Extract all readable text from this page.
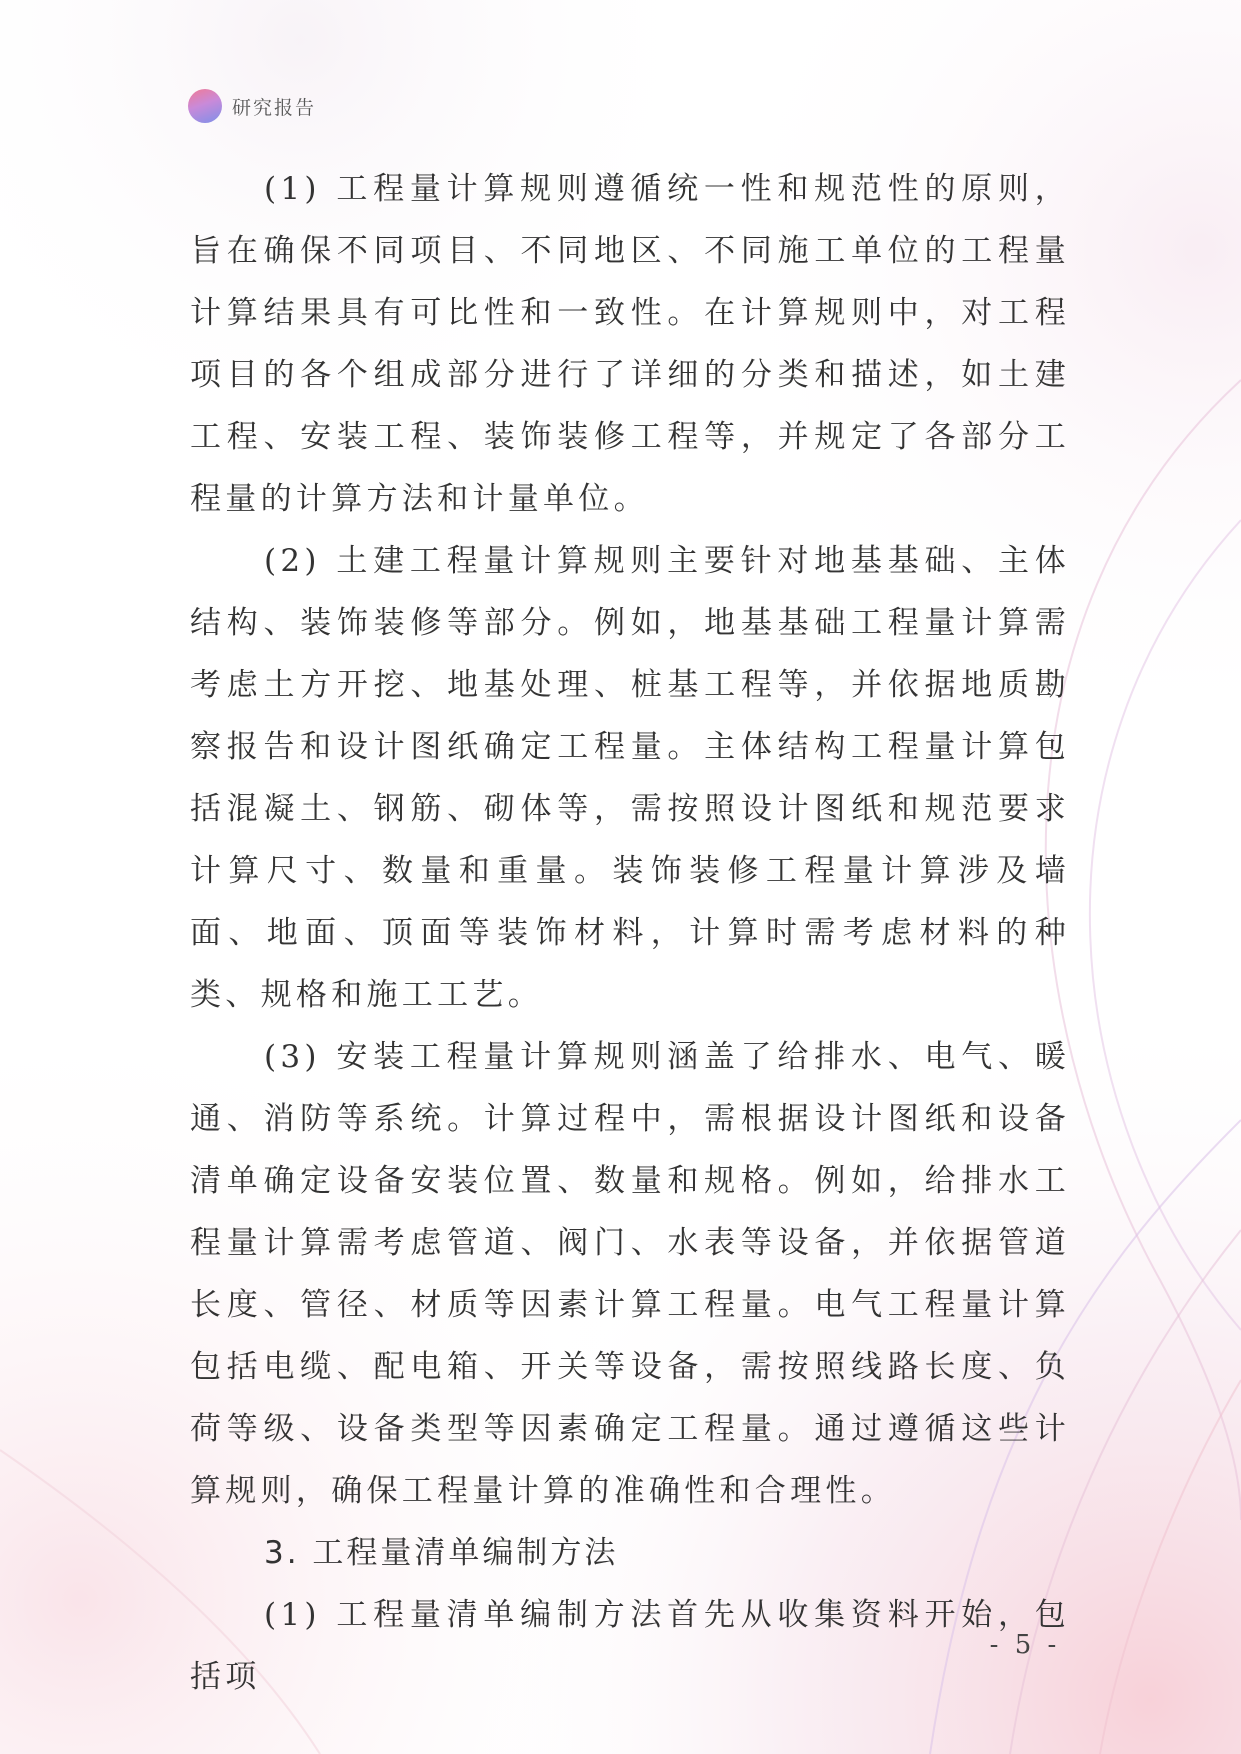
研究报告

(1) 工程量计算规则遵循统一性和规范性的原则，旨在确保不同项目、不同地区、不同施工单位的工程量计算结果具有可比性和一致性。在计算规则中，对工程项目的各个组成部分进行了详细的分类和描述，如土建工程、安装工程、装饰装修工程等，并规定了各部分工程量的计算方法和计量单位。

(2) 土建工程量计算规则主要针对地基基础、主体结构、装饰装修等部分。例如，地基基础工程量计算需考虑土方开挖、地基处理、桩基工程等，并依据地质勘察报告和设计图纸确定工程量。主体结构工程量计算包括混凝土、钢筋、砌体等，需按照设计图纸和规范要求计算尺寸、数量和重量。装饰装修工程量计算涉及墙面、地面、顶面等装饰材料，计算时需考虑材料的种类、规格和施工工艺。

(3) 安装工程量计算规则涵盖了给排水、电气、暖通、消防等系统。计算过程中，需根据设计图纸和设备清单确定设备安装位置、数量和规格。例如，给排水工程量计算需考虑管道、阀门、水表等设备，并依据管道长度、管径、材质等因素计算工程量。电气工程量计算包括电缆、配电箱、开关等设备，需按照线路长度、负荷等级、设备类型等因素确定工程量。通过遵循这些计算规则，确保工程量计算的准确性和合理性。

3. 工程量清单编制方法

(1) 工程量清单编制方法首先从收集资料开始，包括项

- 5 -
